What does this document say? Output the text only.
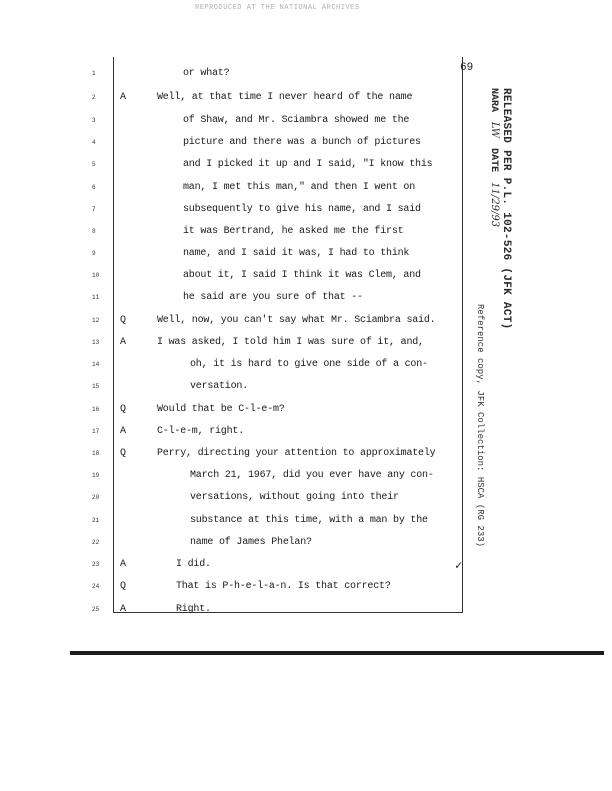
REPRODUCED AT THE NATIONAL ARCHIVES
69
1	or what?
2	A	Well, at that time I never heard of the name
3	of Shaw, and Mr. Sciambra showed me the
4	picture and there was a bunch of pictures
5	and I picked it up and I said, "I know this
6	man, I met this man," and then I went on
7	subsequently to give his name, and I said
8	it was Bertrand, he asked me the first
9	name, and I said it was, I had to think
10	about it, I said I think it was Clem, and
11	he said are you sure of that --
12	Q	Well, now, you can't say what Mr. Sciambra said.
13	A	I was asked, I told him I was sure of it, and,
14	oh, it is hard to give one side of a con-
15	versation.
16	Q	Would that be C-l-e-m?
17	A	C-l-e-m, right.
18	Q	Perry, directing your attention to approximately
19	March 21, 1967, did you ever have any con-
20	versations, without going into their
21	substance at this time, with a man by the
22	name of James Phelan?
23	A	I did.
24	Q	That is P-h-e-l-a-n. Is that correct?
25	A	Right.
RELEASED PER P.L. 102-526 (JFK ACT)
NARA LW DATE 11/29/93
Reference copy, JFK Collection: HSCA (RG 233)
✓
